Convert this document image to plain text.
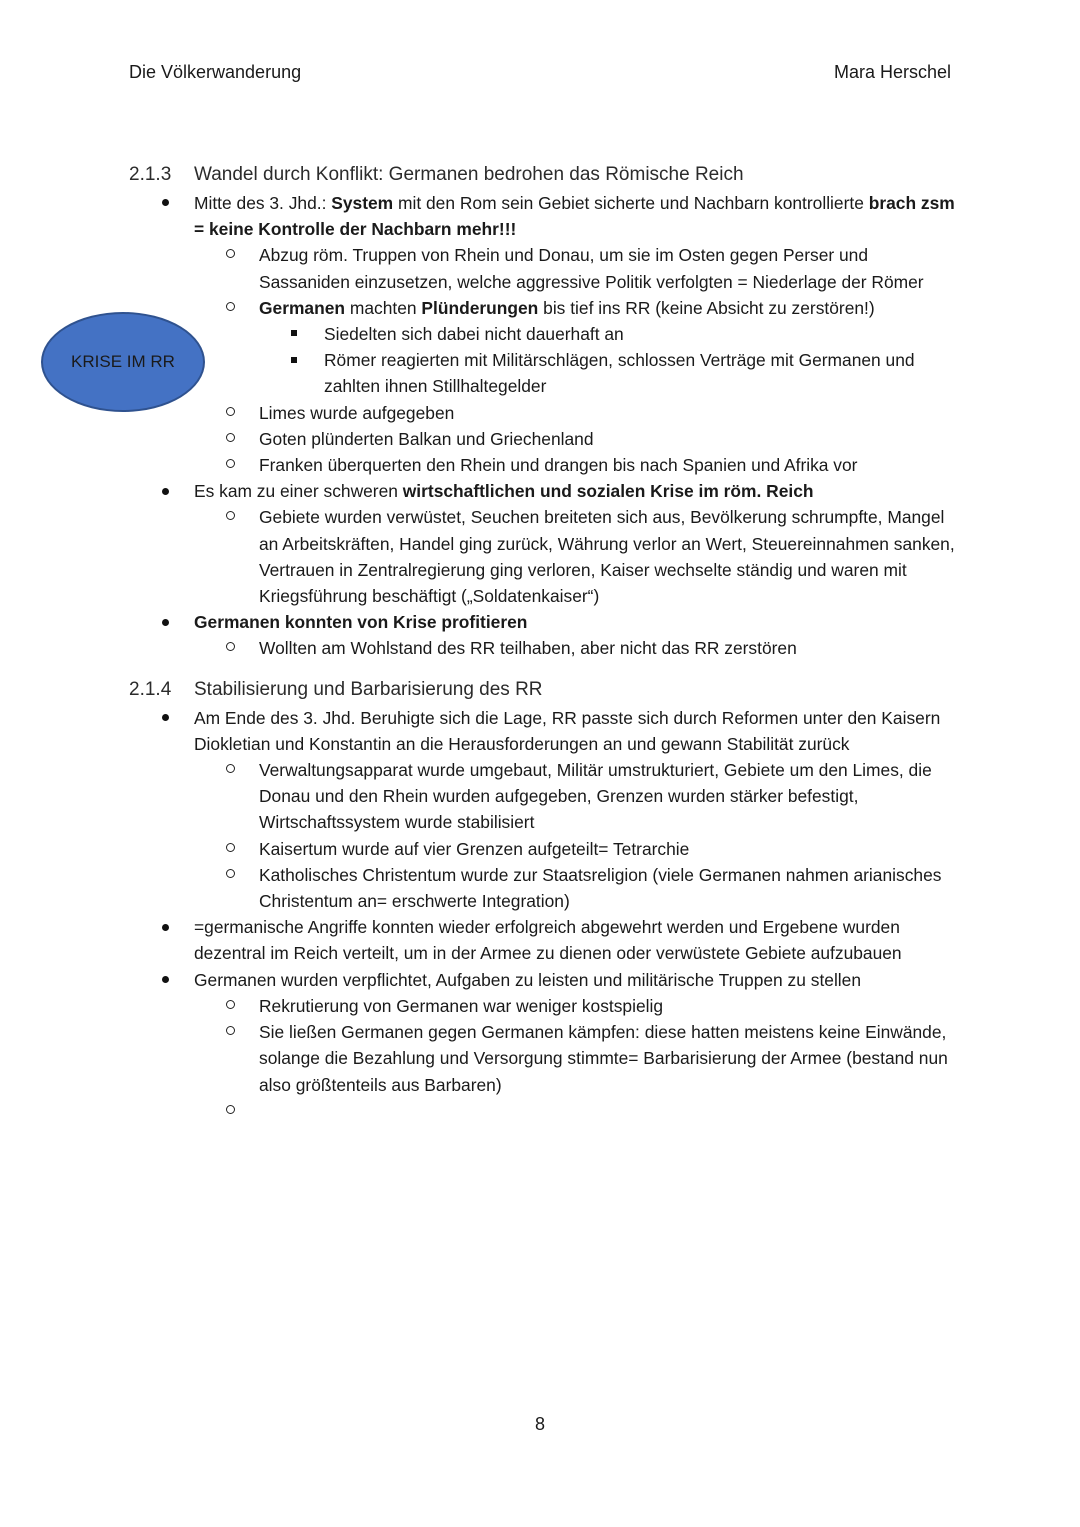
Die Völkerwanderung	Mara Herschel
KRISE IM RR
2.1.3 Wandel durch Konflikt: Germanen bedrohen das Römische Reich
Mitte des 3. Jhd.: System mit den Rom sein Gebiet sicherte und Nachbarn kontrollierte brach zsm = keine Kontrolle der Nachbarn mehr!!!
Abzug röm. Truppen von Rhein und Donau, um sie im Osten gegen Perser und Sassaniden einzusetzen, welche aggressive Politik verfolgten = Niederlage der Römer
Germanen machten Plünderungen bis tief ins RR (keine Absicht zu zerstören!)
Siedelten sich dabei nicht dauerhaft an
Römer reagierten mit Militärschlägen, schlossen Verträge mit Germanen und zahlten ihnen Stillhaltegelder
Limes wurde aufgegeben
Goten plünderten Balkan und Griechenland
Franken überquerten den Rhein und drangen bis nach Spanien und Afrika vor
Es kam zu einer schweren wirtschaftlichen und sozialen Krise im röm. Reich
Gebiete wurden verwüstet, Seuchen breiteten sich aus, Bevölkerung schrumpfte, Mangel an Arbeitskräften, Handel ging zurück, Währung verlor an Wert, Steuereinnahmen sanken, Vertrauen in Zentralregierung ging verloren, Kaiser wechselte ständig und waren mit Kriegsführung beschäftigt („Soldatenkaiser“)
Germanen konnten von Krise profitieren
Wollten am Wohlstand des RR teilhaben, aber nicht das RR zerstören
2.1.4 Stabilisierung und Barbarisierung des RR
Am Ende des 3. Jhd. Beruhigte sich die Lage, RR passte sich durch Reformen unter den Kaisern Diokletian und Konstantin an die Herausforderungen an und gewann Stabilität zurück
Verwaltungsapparat wurde umgebaut, Militär umstrukturiert, Gebiete um den Limes, die Donau und den Rhein wurden aufgegeben, Grenzen wurden stärker befestigt, Wirtschaftssystem wurde stabilisiert
Kaisertum wurde auf vier Grenzen aufgeteilt= Tetrarchie
Katholisches Christentum wurde zur Staatsreligion (viele Germanen nahmen arianisches Christentum an= erschwerte Integration)
=germanische Angriffe konnten wieder erfolgreich abgewehrt werden und Ergebene wurden dezentral im Reich verteilt, um in der Armee zu dienen oder verwüstete Gebiete aufzubauen
Germanen wurden verpflichtet, Aufgaben zu leisten und militärische Truppen zu stellen
Rekrutierung von Germanen war weniger kostspielig
Sie ließen Germanen gegen Germanen kämpfen: diese hatten meistens keine Einwände, solange die Bezahlung und Versorgung stimmte= Barbarisierung der Armee (bestand nun also größtenteils aus Barbaren)
8
